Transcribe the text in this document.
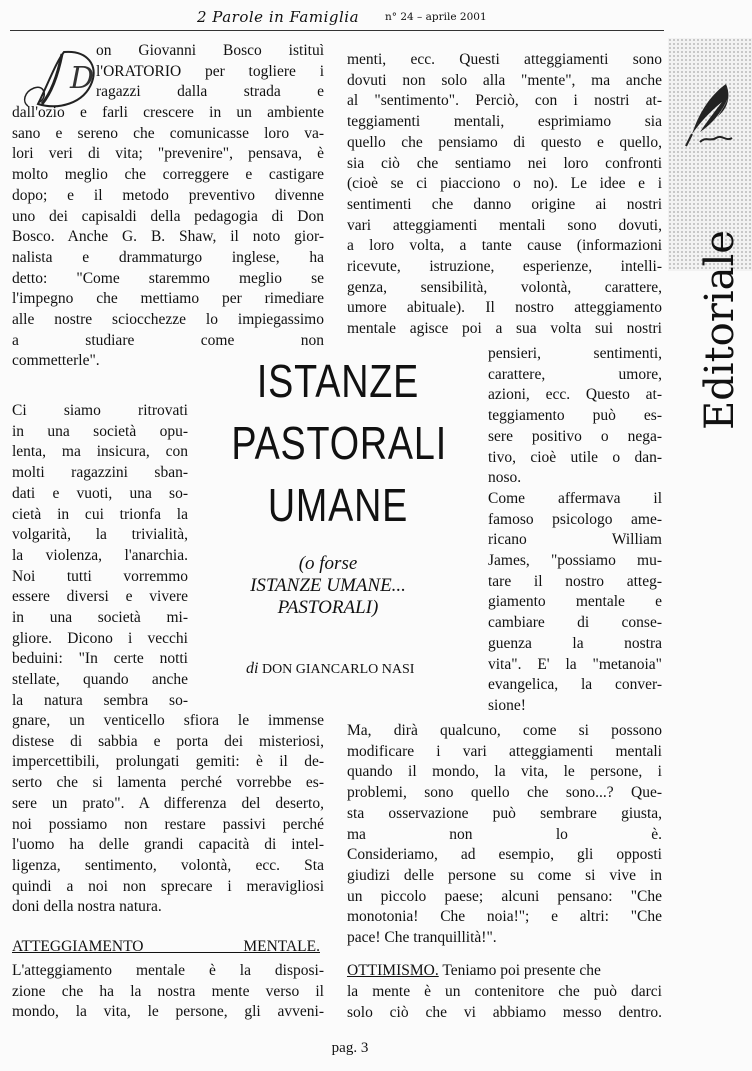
2 Parole in Famiglia n° 24 – aprile 2001
D
Editoriale
on Giovanni Bosco istituì
l'ORATORIO per togliere i
ragazzi dalla strada e
dall'ozio e farli crescere in un ambiente
sano e sereno che comunicasse loro va-
lori veri di vita; "prevenire", pensava, è
molto meglio che correggere e castigare
dopo; e il metodo preventivo divenne
uno dei capisaldi della pedagogia di Don
Bosco. Anche G. B. Shaw, il noto gior-
nalista e drammaturgo inglese, ha
detto: "Come staremmo meglio se
l'impegno che mettiamo per rimediare
alle nostre sciocchezze lo impiegassimo
a studiare come non
commetterle".
Ci siamo ritrovati
in una società opu-
lenta, ma insicura, con
molti ragazzini sban-
dati e vuoti, una so-
cietà in cui trionfa la
volgarità, la trivialità,
la violenza, l'anarchia.
Noi tutti vorremmo
essere diversi e vivere
in una società mi-
gliore. Dicono i vecchi
beduini: "In certe notti
stellate, quando anche
la natura sembra so-
gnare, un venticello sfiora le immense
distese di sabbia e porta dei misteriosi,
impercettibili, prolungati gemiti: è il de-
serto che si lamenta perché vorrebbe es-
sere un prato". A differenza del deserto,
noi possiamo non restare passivi perché
l'uomo ha delle grandi capacità di intel-
ligenza, sentimento, volontà, ecc. Sta
quindi a noi non sprecare i meravigliosi
doni della nostra natura.
ATTEGGIAMENTO MENTALE.
L'atteggiamento mentale è la disposi-
zione che ha la nostra mente verso il
mondo, la vita, le persone, gli avveni-
menti, ecc. Questi atteggiamenti sono
dovuti non solo alla "mente", ma anche
al "sentimento". Perciò, con i nostri at-
teggiamenti mentali, esprimiamo sia
quello che pensiamo di questo e quello,
sia ciò che sentiamo nei loro confronti
(cioè se ci piacciono o no). Le idee e i
sentimenti che danno origine ai nostri
vari atteggiamenti mentali sono dovuti,
a loro volta, a tante cause (informazioni
ricevute, istruzione, esperienze, intelli-
genza, sensibilità, volontà, carattere,
umore abituale). Il nostro atteggiamento
mentale agisce poi a sua volta sui nostri
pensieri, sentimenti,
carattere, umore,
azioni, ecc. Questo at-
teggiamento può es-
sere positivo o nega-
tivo, cioè utile o dan-
noso.
Come affermava il
famoso psicologo ame-
ricano William
James, "possiamo mu-
tare il nostro atteg-
giamento mentale e
cambiare di conse-
guenza la nostra
vita". E' la "metanoia"
evangelica, la conver-
sione!
Ma, dirà qualcuno, come si possono
modificare i vari atteggiamenti mentali
quando il mondo, la vita, le persone, i
problemi, sono quello che sono...? Que-
sta osservazione può sembrare giusta,
ma non lo è.
Consideriamo, ad esempio, gli opposti
giudizi delle persone su come si vive in
un piccolo paese; alcuni pensano: "Che
monotonia! Che noia!"; e altri: "Che
pace! Che tranquillità!".
OTTIMISMO. Teniamo poi presente che
la mente è un contenitore che può darci
solo ciò che vi abbiamo messo dentro.
ISTANZE
PASTORALI
UMANE
(o forse
ISTANZE UMANE...
PASTORALI)
di DON GIANCARLO NASI
pag. 3
